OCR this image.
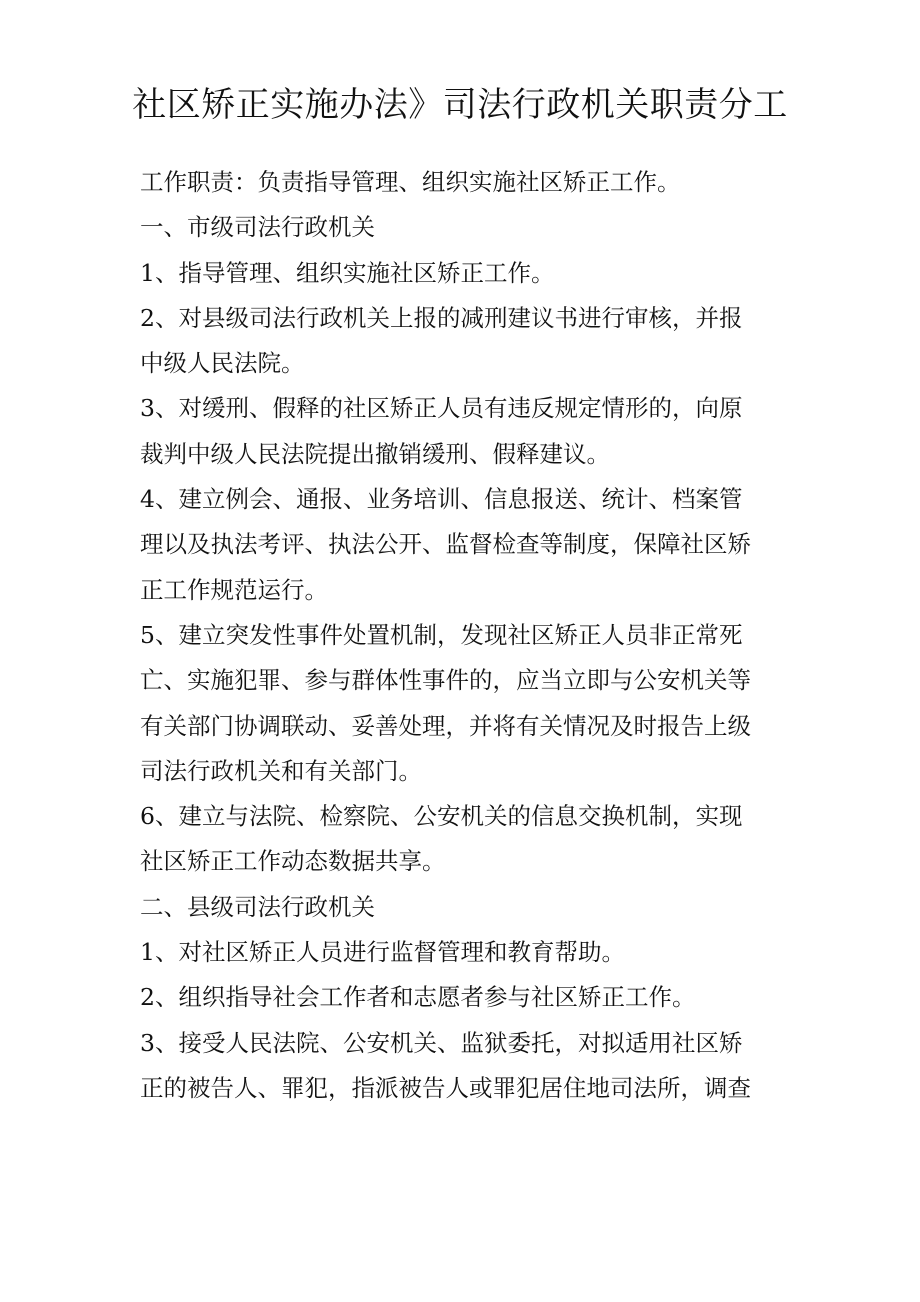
社区矫正实施办法》司法行政机关职责分工
工作职责：负责指导管理、组织实施社区矫正工作。
一、市级司法行政机关
1、指导管理、组织实施社区矫正工作。
2、对县级司法行政机关上报的减刑建议书进行审核，并报
中级人民法院。
3、对缓刑、假释的社区矫正人员有违反规定情形的，向原
裁判中级人民法院提出撤销缓刑、假释建议。
4、建立例会、通报、业务培训、信息报送、统计、档案管
理以及执法考评、执法公开、监督检查等制度，保障社区矫
正工作规范运行。
5、建立突发性事件处置机制，发现社区矫正人员非正常死
亡、实施犯罪、参与群体性事件的，应当立即与公安机关等
有关部门协调联动、妥善处理，并将有关情况及时报告上级
司法行政机关和有关部门。
6、建立与法院、检察院、公安机关的信息交换机制，实现
社区矫正工作动态数据共享。
二、县级司法行政机关
1、对社区矫正人员进行监督管理和教育帮助。
2、组织指导社会工作者和志愿者参与社区矫正工作。
3、接受人民法院、公安机关、监狱委托，对拟适用社区矫
正的被告人、罪犯，指派被告人或罪犯居住地司法所，调查
